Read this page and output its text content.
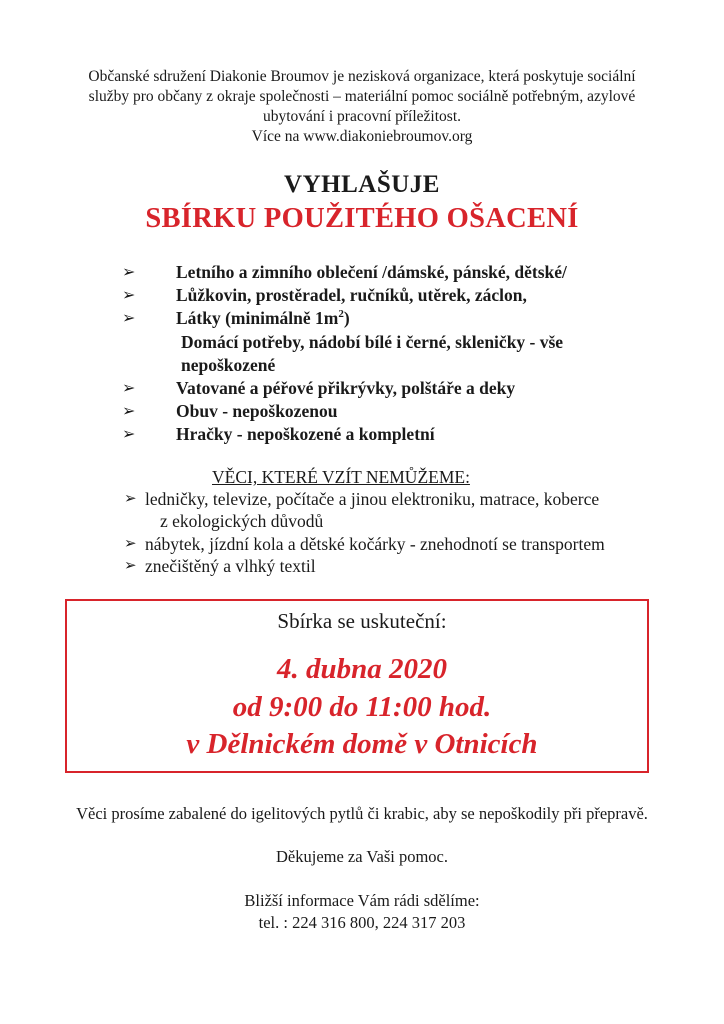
Občanské sdružení Diakonie Broumov je nezisková organizace, která poskytuje sociální
služby pro občany z okraje společnosti – materiální pomoc sociálně potřebným, azylové
ubytování i pracovní příležitost.
Více na www.diakoniebroumov.org
VYHLAŠUJE
SBÍRKU POUŽITÉHO OŠACENÍ
➢ Letního a zimního oblečení /dámské, pánské, dětské/
➢ Lůžkovin, prostěradel, ručníků, utěrek, záclon,
➢ Látky (minimálně $1m^2$)
Domácí potřeby, nádobí bílé i černé, skleničky - vše
nepoškozené
➢ Vatované a péřové přikrývky, polštáře a deky
➢ Obuv - nepoškozenou
➢ Hračky - nepoškozené a kompletní
VĚCI, KTERÉ VZÍT NEMŮŽEME:
➢ ledničky, televize, počítače a jinou elektroniku, matrace, koberce
z ekologických důvodů
➢ nábytek, jízdní kola a dětské kočárky - znehodnotí se transportem
➢ znečištěný a vlhký textil
Sbírka se uskuteční:
4. dubna 2020
od 9:00 do 11:00 hod.
v Dělnickém domě v Otnicích
Věci prosíme zabalené do igelitových pytlů či krabic, aby se nepoškodily při přepravě.
Děkujeme za Vaši pomoc.
Bližší informace Vám rádi sdělíme:
tel. : 224 316 800, 224 317 203
